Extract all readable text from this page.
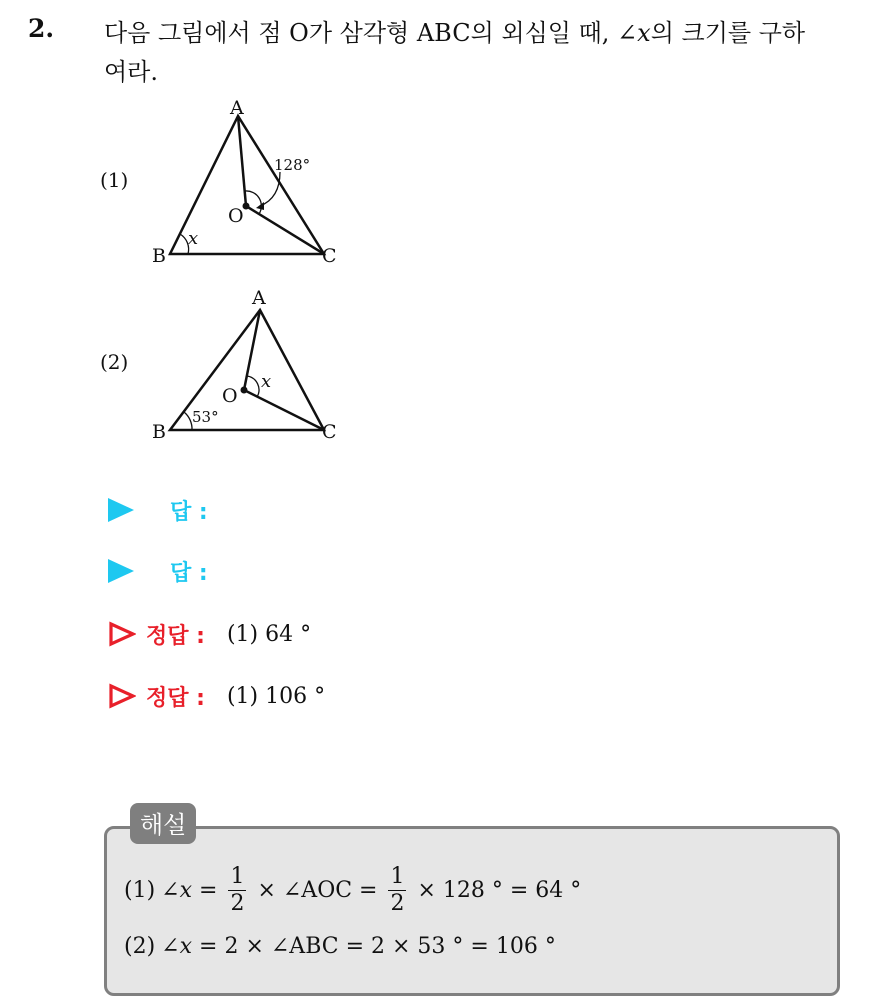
2. 다음 그림에서 점 O가 삼각형 ABC의 외심일 때, ∠x의 크기를 구하
여라.
(1)
A
B	C
O
x
128°
(2)
A
B	C
O
53°
x
답 :
답 :
정답 : (1) 64 °
정답 : (1) 106 °
해설
(1) ∠ $x = \frac{1}{2}$ × ∠AOC = $\frac{1}{2} \times 128$ ° = 64 °
(2) ∠ x = 2 × ∠ABC = 2 × 53 ° = 106 °
